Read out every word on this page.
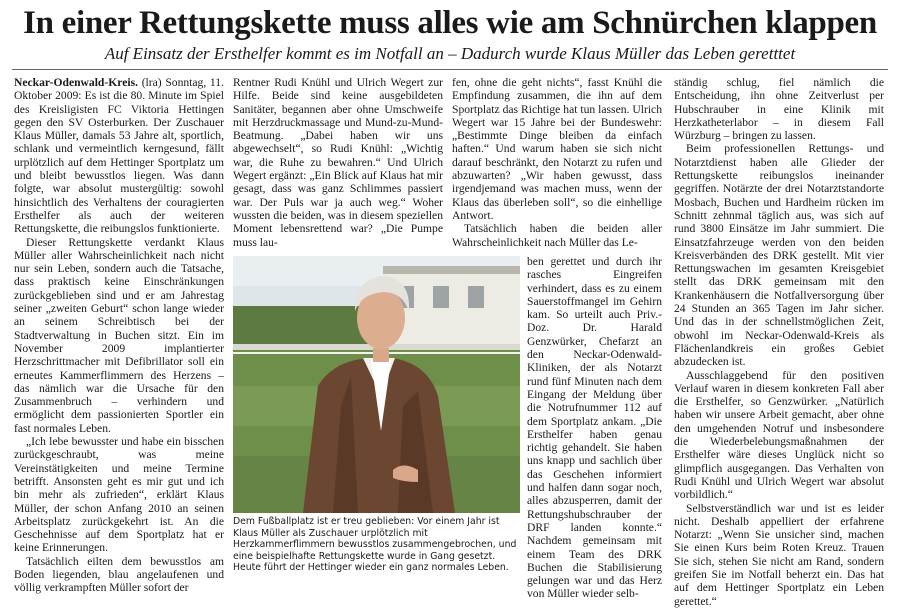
In einer Rettungskette muss alles wie am Schnürchen klappen
Auf Einsatz der Ersthelfer kommt es im Notfall an – Dadurch wurde Klaus Müller das Leben geretttet

Neckar-Odenwald-Kreis. (lra) Sonntag, 11. Oktober 2009: Es ist die 80. Minute im Spiel des Kreisligisten FC Viktoria Hettingen gegen den SV Osterburken. Der Zuschauer Klaus Müller, damals 53 Jahre alt, sportlich, schlank und vermeintlich kerngesund, fällt urplötzlich auf dem Hettinger Sportplatz um und bleibt bewusstlos liegen. Was dann folgte, war absolut mustergültig: sowohl hinsichtlich des Verhaltens der couragierten Ersthelfer als auch der weiteren Rettungskette, die reibungslos funktionierte.

Dieser Rettungskette verdankt Klaus Müller aller Wahrscheinlichkeit nach nicht nur sein Leben, sondern auch die Tatsache, dass praktisch keine Einschränkungen zurückgeblieben sind und er am Jahrestag seiner „zweiten Geburt“ schon lange wieder an seinem Schreibtisch bei der Stadtverwaltung in Buchen sitzt. Ein im November 2009 implantierter Herzschrittmacher mit Defibrillator soll ein erneutes Kammerflimmern des Herzens – das nämlich war die Ursache für den Zusammenbruch – verhindern und ermöglicht dem passionierten Sportler ein fast normales Leben.

„Ich lebe bewusster und habe ein bisschen zurückgeschraubt, was meine Vereinstätigkeiten und meine Termine betrifft. Ansonsten geht es mir gut und ich bin mehr als zufrieden“, erklärt Klaus Müller, der schon Anfang 2010 an seinen Arbeitsplatz zurückgekehrt ist. An die Geschehnisse auf dem Sportplatz hat er keine Erinnerungen.

Tatsächlich eilten dem bewusstlos am Boden liegenden, blau angelaufenen und völlig verkrampften Müller sofort der

Rentner Rudi Knühl und Ulrich Wegert zur Hilfe. Beide sind keine ausgebildeten Sanitäter, begannen aber ohne Umschweife mit Herzdruckmassage und Mund-zu-Mund-Beatmung. „Dabei haben wir uns abgewechselt“, so Rudi Knühl: „Wichtig war, die Ruhe zu bewahren.“ Und Ulrich Wegert ergänzt: „Ein Blick auf Klaus hat mir gesagt, dass was ganz Schlimmes passiert war. Der Puls war ja auch weg.“ Woher wussten die beiden, was in diesem speziellen Moment lebensrettend war? „Die Pumpe muss lau-

fen, ohne die geht nichts“, fasst Knühl die Empfindung zusammen, die ihn auf dem Sportplatz das Richtige hat tun lassen. Ulrich Wegert war 15 Jahre bei der Bundeswehr: „Bestimmte Dinge bleiben da einfach haften.“ Und warum haben sie sich nicht darauf beschränkt, den Notarzt zu rufen und abzuwarten? „Wir haben gewusst, dass irgendjemand was machen muss, wenn der Klaus das überleben soll“, so die einhellige Antwort.

Tatsächlich haben die beiden aller Wahrscheinlichkeit nach Müller das Le-

ben gerettet und durch ihr rasches Eingreifen verhindert, dass es zu einem Sauerstoffmangel im Gehirn kam. So urteilt auch Priv.-Doz. Dr. Harald Genzwürker, Chefarzt an den Neckar-Odenwald-Kliniken, der als Notarzt rund fünf Minuten nach dem Eingang der Meldung über die Notrufnummer 112 auf dem Sportplatz ankam. „Die Ersthelfer haben genau richtig gehandelt. Sie haben uns knapp und sachlich über das Geschehen informiert und halfen dann sogar noch, alles abzusperren, damit der Rettungshubschrauber der DRF landen konnte.“ Nachdem gemeinsam mit einem Team des DRK Buchen die Stabilisierung gelungen war und das Herz von Müller wieder selb-

ständig schlug, fiel nämlich die Entscheidung, ihn ohne Zeitverlust per Hubschrauber in eine Klinik mit Herzkatheterlabor – in diesem Fall Würzburg – bringen zu lassen.

Beim professionellen Rettungs- und Notarztdienst haben alle Glieder der Rettungskette reibungslos ineinander gegriffen. Notärzte der drei Notarztstandorte Mosbach, Buchen und Hardheim rücken im Schnitt zehnmal täglich aus, was sich auf rund 3800 Einsätze im Jahr summiert. Die Einsatzfahrzeuge werden von den beiden Kreisverbänden des DRK gestellt. Mit vier Rettungswachen im gesamten Kreisgebiet stellt das DRK gemeinsam mit den Krankenhäusern die Notfallversorgung über 24 Stunden an 365 Tagen im Jahr sicher. Und das in der schnellstmöglichen Zeit, obwohl im Neckar-Odenwald-Kreis als Flächenlandkreis ein großes Gebiet abzudecken ist.

Ausschlaggebend für den positiven Verlauf waren in diesem konkreten Fall aber die Ersthelfer, so Genzwürker. „Natürlich haben wir unsere Arbeit gemacht, aber ohne den umgehenden Notruf und insbesondere die Wiederbelebungsmaßnahmen der Ersthelfer wäre dieses Unglück nicht so glimpflich ausgegangen. Das Verhalten von Rudi Knühl und Ulrich Wegert war absolut vorbildlich.“

Selbstverständlich war und ist es leider nicht. Deshalb appelliert der erfahrene Notarzt: „Wenn Sie unsicher sind, machen Sie einen Kurs beim Roten Kreuz. Trauen Sie sich, stehen Sie nicht am Rand, sondern greifen Sie im Notfall beherzt ein. Das hat auf dem Hettinger Sportplatz ein Leben gerettet.“

Dem Fußballplatz ist er treu geblieben: Vor einem Jahr ist Klaus Müller als Zuschauer urplötzlich mit Herzkammerflimmern bewusstlos zusammengebrochen, und eine beispielhafte Rettungskette wurde in Gang gesetzt. Heute führt der Hettinger wieder ein ganz normales Leben.
